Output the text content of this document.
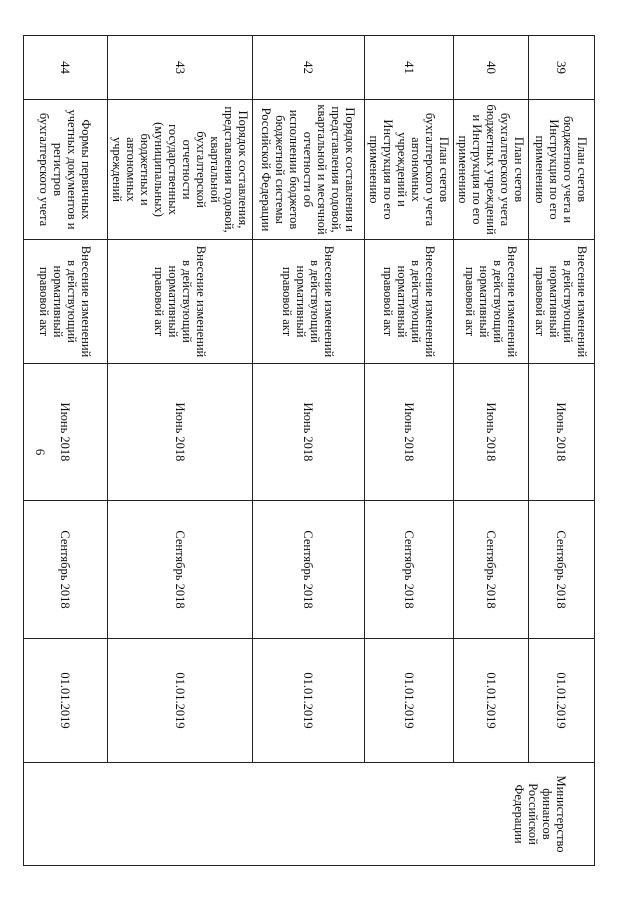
6
39	План счетов бюджетного учета и Инструкция по его применению	Внесение изменений в действующий нормативный правовой акт	Июнь 2018	Сентябрь 2018	01.01.2019	Министерство финансов Российской Федерации
40	План счетов бухгалтерского учета бюджетных учреждений и Инструкция по его применению	Внесение изменений в действующий нормативный правовой акт	Июнь 2018	Сентябрь 2018	01.01.2019	
41	План счетов бухгалтерского учета автономных учреждений и Инструкция по его применению	Внесение изменений в действующий нормативный правовой акт	Июнь 2018	Сентябрь 2018	01.01.2019	
42	Порядок составления и представления годовой, квартальной и месячной отчетности об исполнении бюджетов бюджетной системы Российской Федерации	Внесение изменений в действующий нормативный правовой акт	Июнь 2018	Сентябрь 2018	01.01.2019	
43	Порядок составления, представления годовой, квартальной бухгалтерской отчетности государственных (муниципальных) бюджетных и автономных учреждений	Внесение изменений в действующий нормативный правовой акт	Июнь 2018	Сентябрь 2018	01.01.2019	
44	Формы первичных учетных документов и регистров бухгалтерского учета	Внесение изменений в действующий нормативный правовой акт	Июнь 2018	Сентябрь 2018	01.01.2019	
